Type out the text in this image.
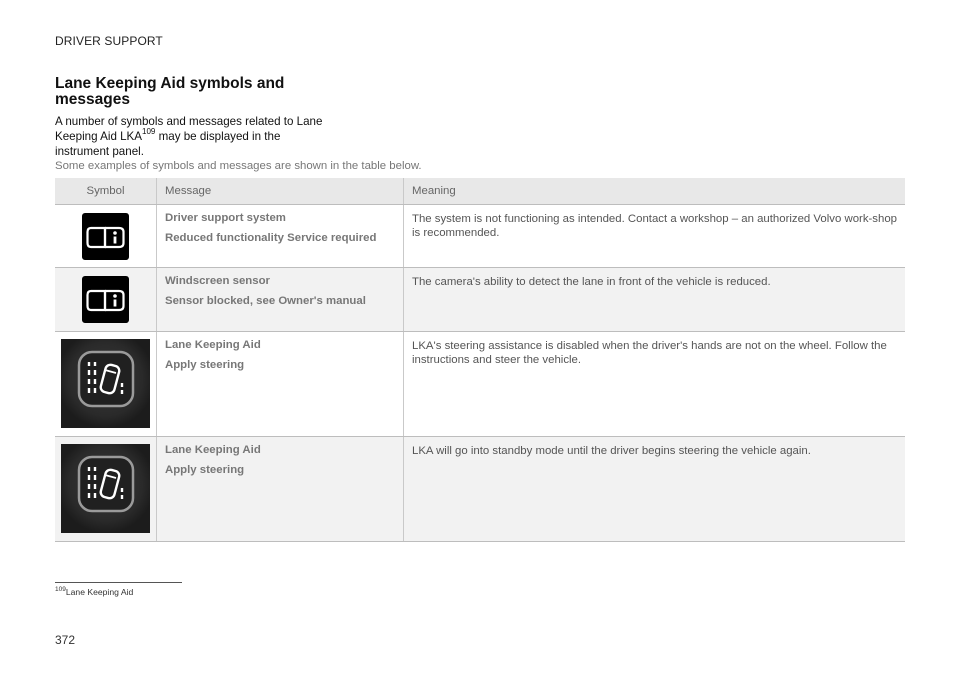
DRIVER SUPPORT
Lane Keeping Aid symbols and messages

A number of symbols and messages related to Lane Keeping Aid LKA$^{109}$ may be displayed in the instrument panel.

Some examples of symbols and messages are shown in the table below.

Symbol	Message	Meaning

Driver support system
Reduced functionality Service required	The system is not functioning as intended. Contact a workshop – an authorized Volvo work-shop is recommended.

Windscreen sensor
Sensor blocked, see Owner's manual	The camera's ability to detect the lane in front of the vehicle is reduced.

Lane Keeping Aid
Apply steering	LKA's steering assistance is disabled when the driver's hands are not on the wheel. Follow the instructions and steer the vehicle.

Lane Keeping Aid
Apply steering	LKA will go into standby mode until the driver begins steering the vehicle again.
$^{109}$Lane Keeping Aid
372
